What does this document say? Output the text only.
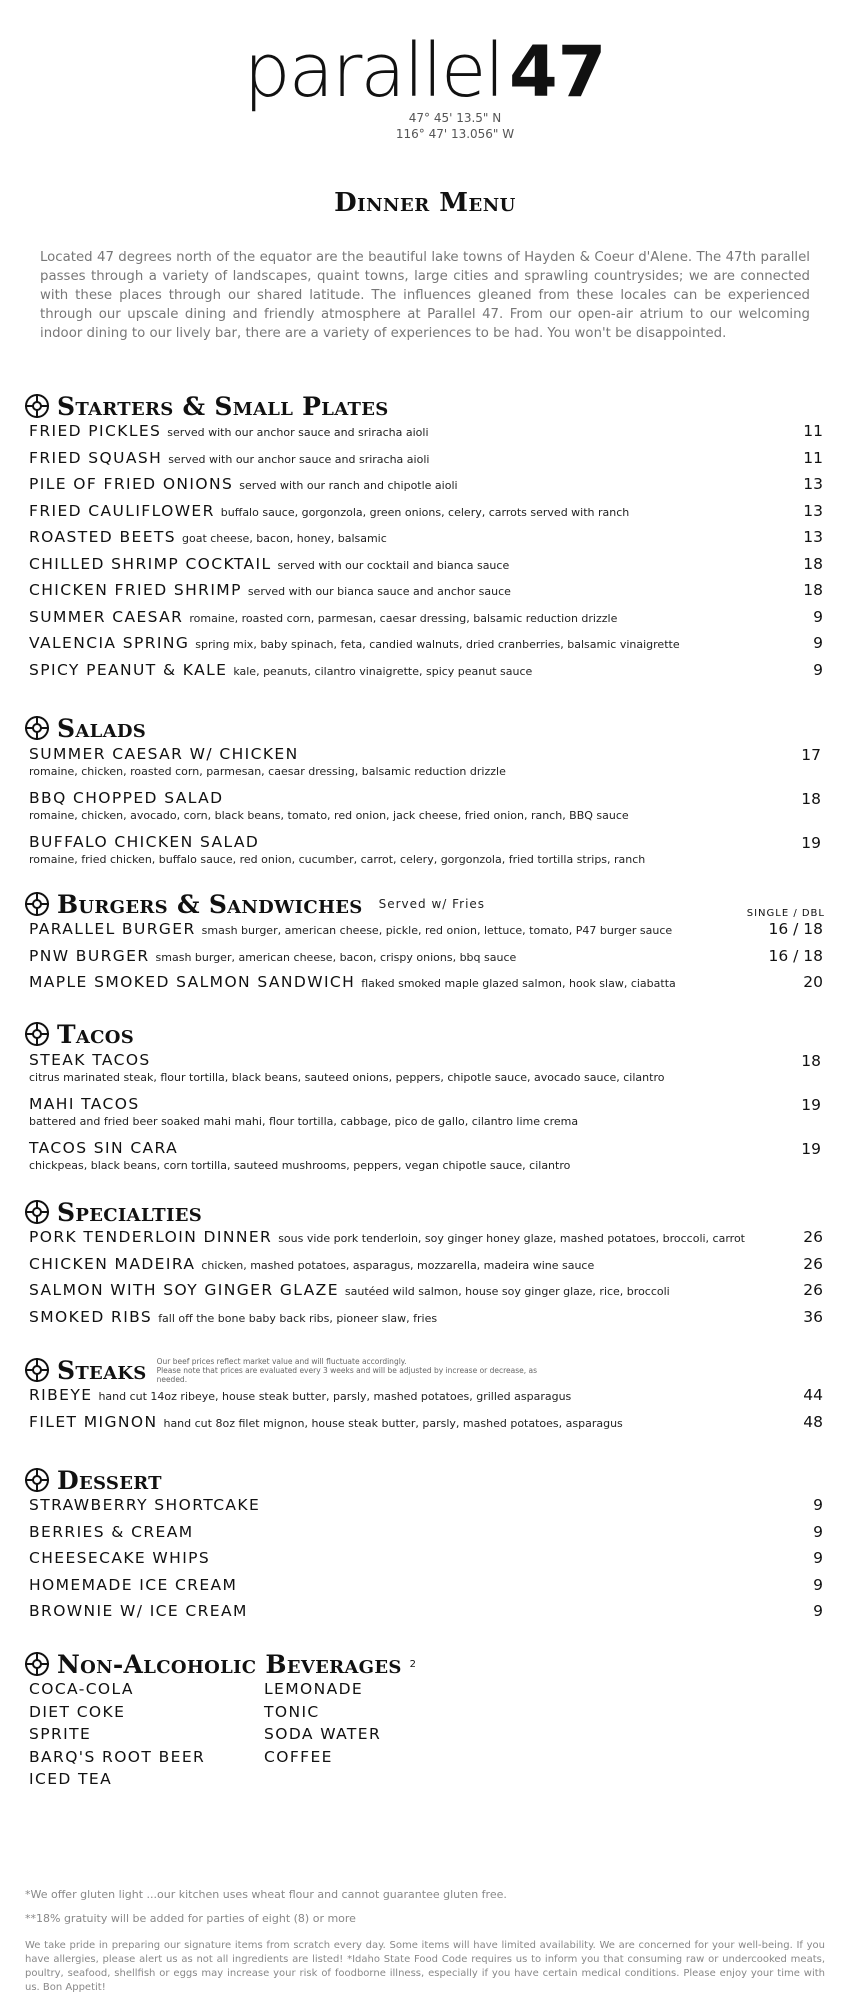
parallel47
47° 45' 13.5" N
116° 47' 13.056" W
Dinner Menu
Located 47 degrees north of the equator are the beautiful lake towns of Hayden & Coeur d'Alene. The 47th parallel passes through a variety of landscapes, quaint towns, large cities and sprawling countrysides; we are connected with these places through our shared latitude. The influences gleaned from these locales can be experienced through our upscale dining and friendly atmosphere at Parallel 47. From our open-air atrium to our welcoming indoor dining to our lively bar, there are a variety of experiences to be had. You won't be disappointed.
Starters & Small Plates
FRIED PICKLES served with our anchor sauce and sriracha aioli	11
FRIED SQUASH served with our anchor sauce and sriracha aioli	11
PILE OF FRIED ONIONS served with our ranch and chipotle aioli	13
FRIED CAULIFLOWER buffalo sauce, gorgonzola, green onions, celery, carrots served with ranch	13
ROASTED BEETS goat cheese, bacon, honey, balsamic	13
CHILLED SHRIMP COCKTAIL served with our cocktail and bianca sauce	18
CHICKEN FRIED SHRIMP served with our bianca sauce and anchor sauce	18
SUMMER CAESAR romaine, roasted corn, parmesan, caesar dressing, balsamic reduction drizzle	9
VALENCIA SPRING spring mix, baby spinach, feta, candied walnuts, dried cranberries, balsamic vinaigrette	9
SPICY PEANUT & KALE kale, peanuts, cilantro vinaigrette, spicy peanut sauce	9
Salads
SUMMER CAESAR W/ CHICKEN
romaine, chicken, roasted corn, parmesan, caesar dressing, balsamic reduction drizzle
17
BBQ CHOPPED SALAD
romaine, chicken, avocado, corn, black beans, tomato, red onion, jack cheese, fried onion, ranch, BBQ sauce
18
BUFFALO CHICKEN SALAD
romaine, fried chicken, buffalo sauce, red onion, cucumber, carrot, celery, gorgonzola, fried tortilla strips, ranch
19
Burgers & Sandwiches Served w/ Fries
SINGLE / DBL
PARALLEL BURGER smash burger, american cheese, pickle, red onion, lettuce, tomato, P47 burger sauce	16 / 18
PNW BURGER smash burger, american cheese, bacon, crispy onions, bbq sauce	16 / 18
MAPLE SMOKED SALMON SANDWICH flaked smoked maple glazed salmon, hook slaw, ciabatta	20
Tacos
STEAK TACOS
citrus marinated steak, flour tortilla, black beans, sauteed onions, peppers, chipotle sauce, avocado sauce, cilantro
18
MAHI TACOS
battered and fried beer soaked mahi mahi, flour tortilla, cabbage, pico de gallo, cilantro lime crema
19
TACOS SIN CARA
chickpeas, black beans, corn tortilla, sauteed mushrooms, peppers, vegan chipotle sauce, cilantro
19
Specialties
PORK TENDERLOIN DINNER sous vide pork tenderloin, soy ginger honey glaze, mashed potatoes, broccoli, carrot	26
CHICKEN MADEIRA chicken, mashed potatoes, asparagus, mozzarella, madeira wine sauce	26
SALMON WITH SOY GINGER GLAZE sautéed wild salmon, house soy ginger glaze, rice, broccoli	26
SMOKED RIBS fall off the bone baby back ribs, pioneer slaw, fries	36
Steaks Our beef prices reflect market value and will fluctuate accordingly.
Please note that prices are evaluated every 3 weeks and will be adjusted by increase or decrease, as needed.
RIBEYE hand cut 14oz ribeye, house steak butter, parsly, mashed potatoes, grilled asparagus	44
FILET MIGNON hand cut 8oz filet mignon, house steak butter, parsly, mashed potatoes, asparagus	48
Dessert
STRAWBERRY SHORTCAKE	9
BERRIES & CREAM	9
CHEESECAKE WHIPS	9
HOMEMADE ICE CREAM	9
BROWNIE W/ ICE CREAM	9
Non-Alcoholic Beverages 2
COCA-COLA
DIET COKE
SPRITE
BARQ'S ROOT BEER
ICED TEA
LEMONADE
TONIC
SODA WATER
COFFEE
*We offer gluten light ...our kitchen uses wheat flour and cannot guarantee gluten free.
**18% gratuity will be added for parties of eight (8) or more
We take pride in preparing our signature items from scratch every day. Some items will have limited availability. We are concerned for your well-being. If you have allergies, please alert us as not all ingredients are listed! *Idaho State Food Code requires us to inform you that consuming raw or undercooked meats, poultry, seafood, shellfish or eggs may increase your risk of foodborne illness, especially if you have certain medical conditions. Please enjoy your time with us. Bon Appetit!
